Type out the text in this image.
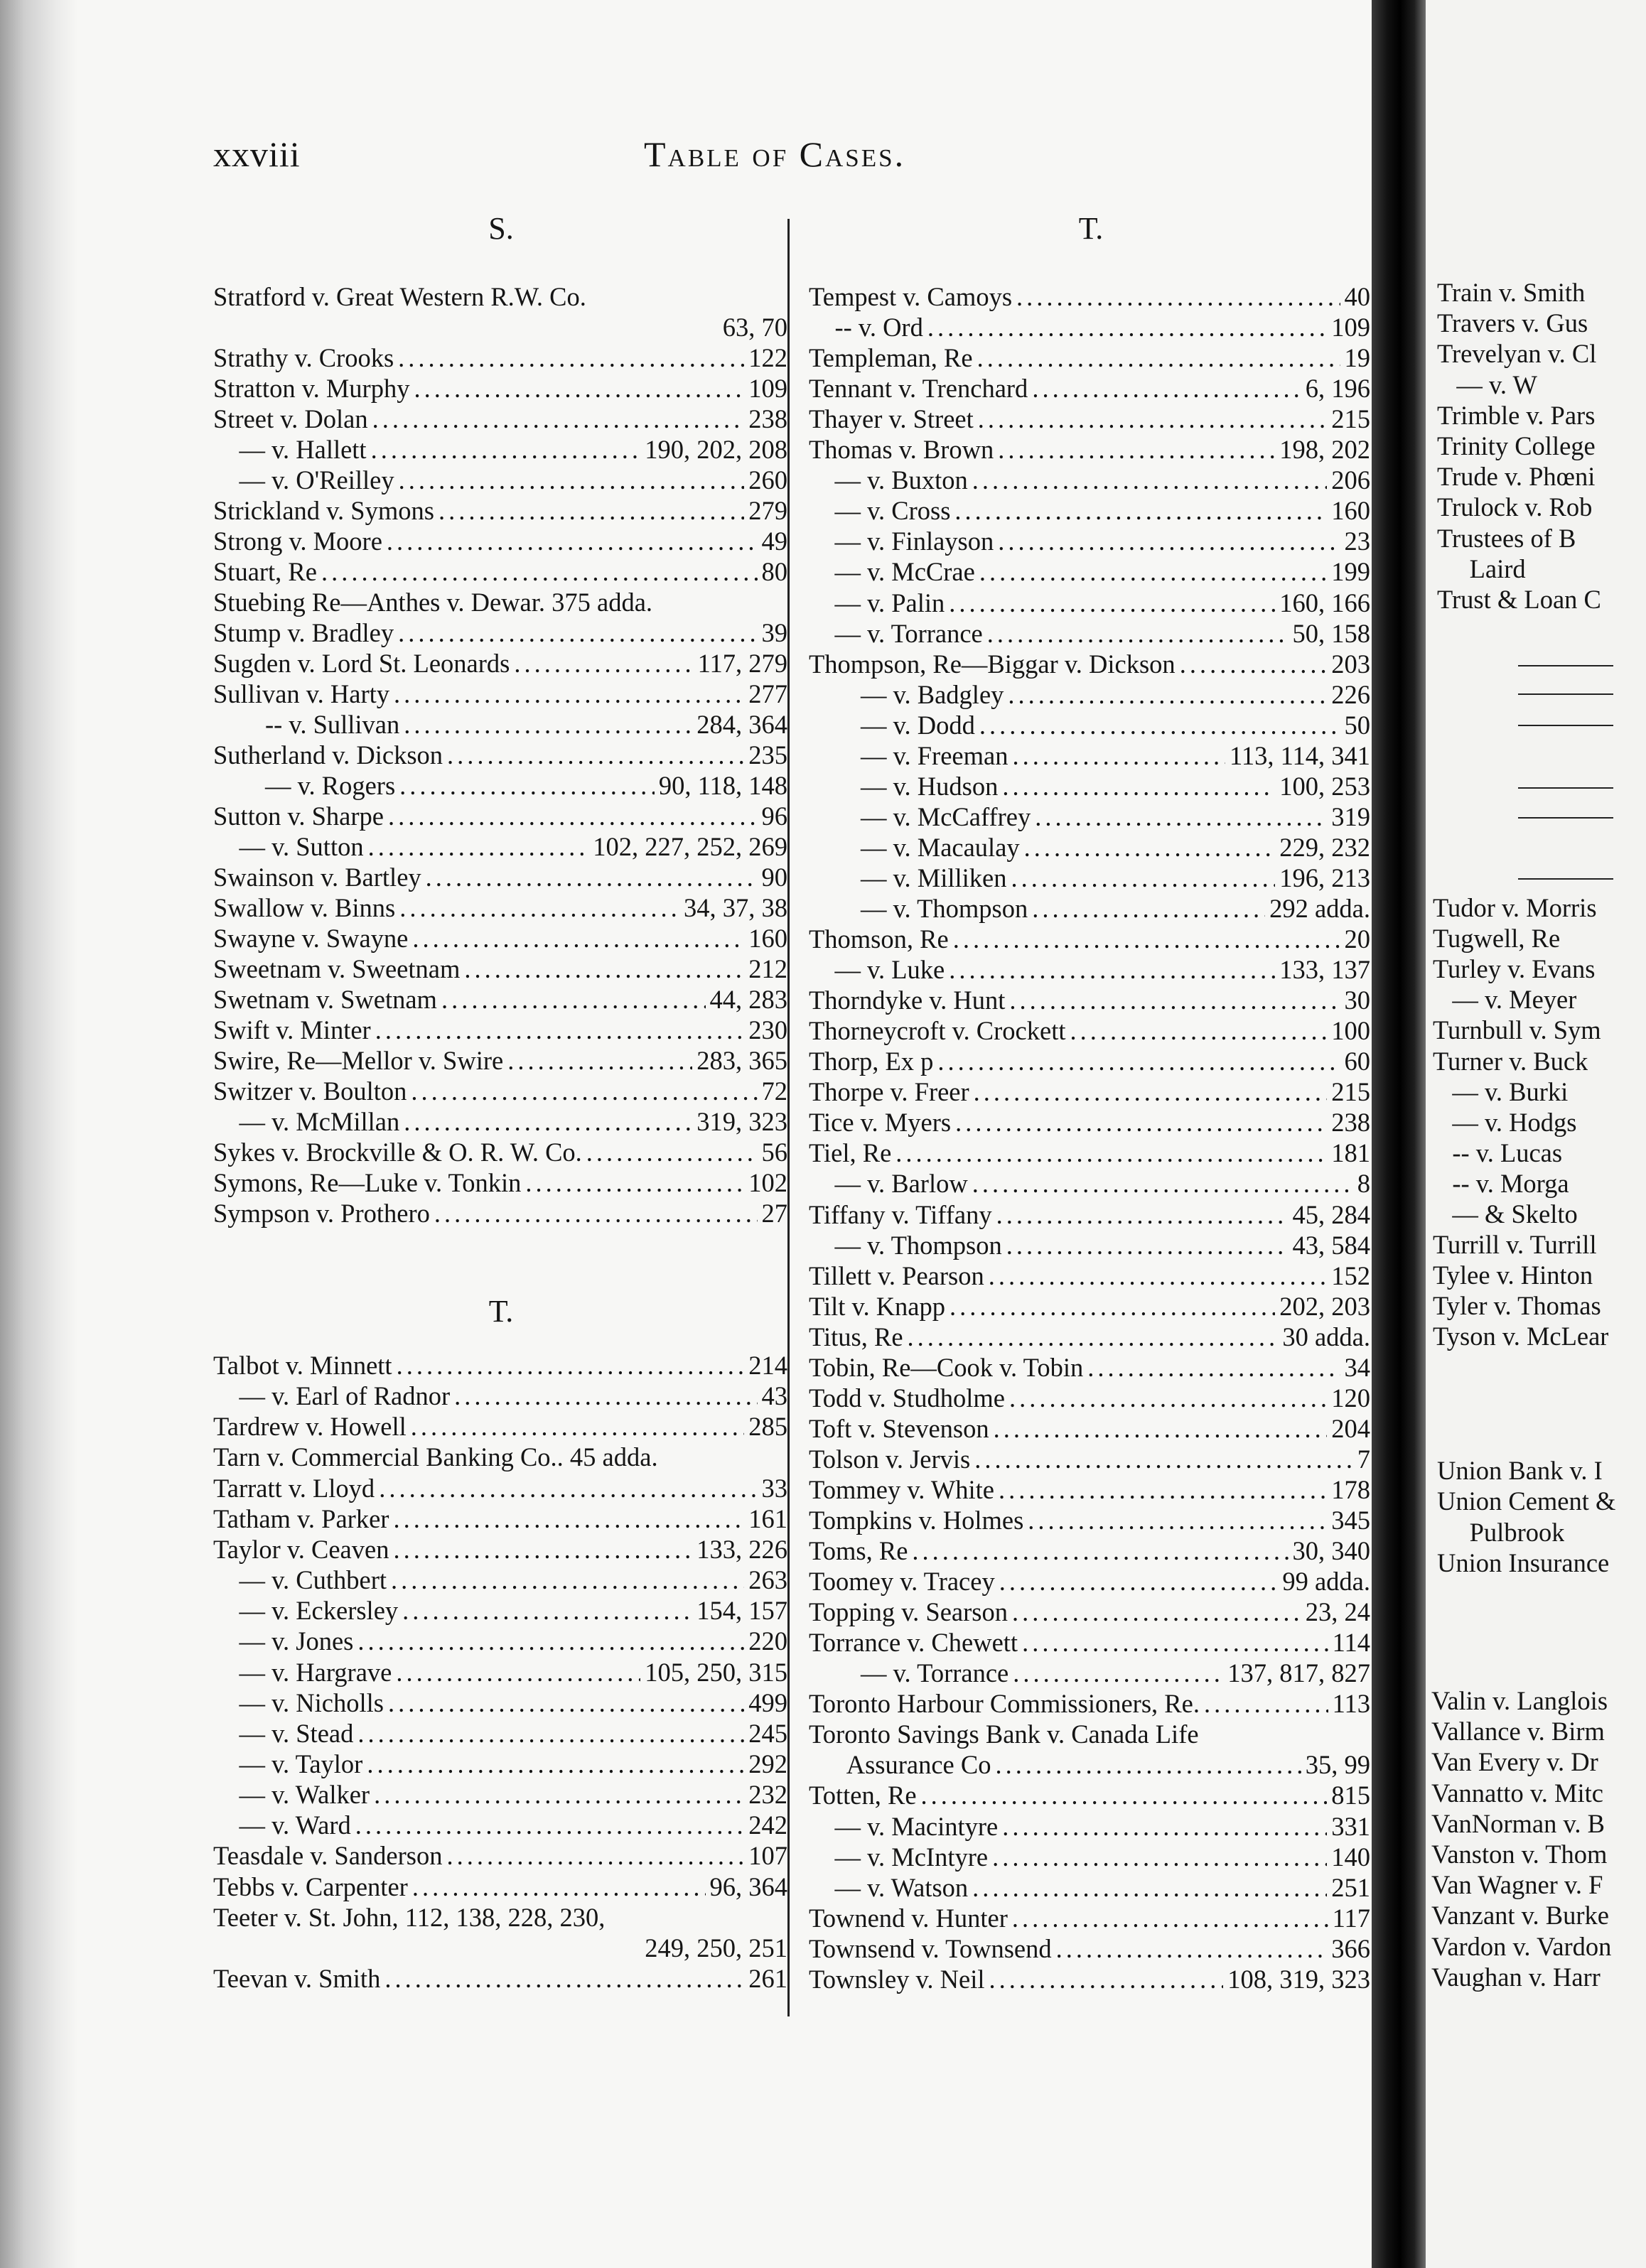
xxviii	Table of Cases.
S.
T.
T.
Stratford v. Great Western R.W. Co.
63, 70
Strathy v. Crooks .....	122
Stratton v. Murphy .....	109
Street v. Dolan .....	238
— v. Hallett .....	190, 202, 208
— v. O'Reilley .....	260
Strickland v. Symons .....	279
Strong v. Moore .....	49
Stuart, Re .....	80
Stuebing Re—Anthes v. Dewar. 375 adda.
Stump v. Bradley .....	39
Sugden v. Lord St. Leonards .....	117, 279
Sullivan v. Harty .....	277
-- v. Sullivan .....	284, 364
Sutherland v. Dickson .....	235
— v. Rogers .....	90, 118, 148
Sutton v. Sharpe .....	96
— v. Sutton .....	102, 227, 252, 269
Swainson v. Bartley .....	90
Swallow v. Binns .....	34, 37, 38
Swayne v. Swayne .....	160
Sweetnam v. Sweetnam .....	212
Swetnam v. Swetnam .....	44, 283
Swift v. Minter .....	230
Swire, Re—Mellor v. Swire .....	283, 365
Switzer v. Boulton .....	72
— v. McMillan .....	319, 323
Sykes v. Brockville & O. R. W. Co. .....	56
Symons, Re—Luke v. Tonkin .....	102
Sympson v. Prothero .....	27
Talbot v. Minnett .....	214
— v. Earl of Radnor .....	43
Tardrew v. Howell .....	285
Tarn v. Commercial Banking Co.. 45 adda.
Tarratt v. Lloyd .....	33
Tatham v. Parker .....	161
Taylor v. Ceaven .....	133, 226
— v. Cuthbert .....	263
— v. Eckersley .....	154, 157
— v. Jones .....	220
— v. Hargrave .....	105, 250, 315
— v. Nicholls .....	499
— v. Stead .....	245
— v. Taylor .....	292
— v. Walker .....	232
— v. Ward .....	242
Teasdale v. Sanderson .....	107
Tebbs v. Carpenter .....	96, 364
Teeter v. St. John, 112, 138, 228, 230,
249, 250, 251
Teevan v. Smith .....	261
Tempest v. Camoys .....	40
-- v. Ord .....	109
Templeman, Re .....	19
Tennant v. Trenchard .....	6, 196
Thayer v. Street .....	215
Thomas v. Brown .....	198, 202
— v. Buxton .....	206
— v. Cross .....	160
— v. Finlayson .....	23
— v. McCrae .....	199
— v. Palin .....	160, 166
— v. Torrance .....	50, 158
Thompson, Re—Biggar v. Dickson .....	203
— v. Badgley .....	226
— v. Dodd .....	50
— v. Freeman .....	113, 114, 341
— v. Hudson .....	100, 253
— v. McCaffrey .....	319
— v. Macaulay .....	229, 232
— v. Milliken .....	196, 213
— v. Thompson .....	292 adda.
Thomson, Re .....	20
— v. Luke .....	133, 137
Thorndyke v. Hunt .....	30
Thorneycroft v. Crockett .....	100
Thorp, Ex p .....	60
Thorpe v. Freer .....	215
Tice v. Myers .....	238
Tiel, Re .....	181
— v. Barlow .....	8
Tiffany v. Tiffany .....	45, 284
— v. Thompson .....	43, 584
Tillett v. Pearson .....	152
Tilt v. Knapp .....	202, 203
Titus, Re .....	30 adda.
Tobin, Re—Cook v. Tobin .....	34
Todd v. Studholme .....	120
Toft v. Stevenson .....	204
Tolson v. Jervis .....	7
Tommey v. White .....	178
Tompkins v. Holmes .....	345
Toms, Re .....	30, 340
Toomey v. Tracey .....	99 adda.
Topping v. Searson .....	23, 24
Torrance v. Chewett .....	114
— v. Torrance .....	137, 817, 827
Toronto Harbour Commissioners, Re. .....	113
Toronto Savings Bank v. Canada Life
Assurance Co .....	35, 99
Totten, Re .....	815
— v. Macintyre .....	331
— v. McIntyre .....	140
— v. Watson .....	251
Townend v. Hunter .....	117
Townsend v. Townsend .....	366
Townsley v. Neil .....	108, 319, 323
Train v. Smith
Travers v. Gus
Trevelyan v. Cl
— v. W
Trimble v. Pars
Trinity College
Trude v. Phœni
Trulock v. Rob
Trustees of B
Laird
Trust & Loan C
Tudor v. Morris
Tugwell, Re
Turley v. Evans
— v. Meyer
Turnbull v. Sym
Turner v. Buck
— v. Burki
— v. Hodgs
-- v. Lucas
-- v. Morga
— & Skelto
Turrill v. Turrill
Tylee v. Hinton
Tyler v. Thomas
Tyson v. McLear
Union Bank v. I
Union Cement &
Pulbrook
Union Insurance
Valin v. Langlois
Vallance v. Birm
Van Every v. Dr
Vannatto v. Mitc
VanNorman v. B
Vanston v. Thom
Van Wagner v. F
Vanzant v. Burke
Vardon v. Vardon
Vaughan v. Harr
